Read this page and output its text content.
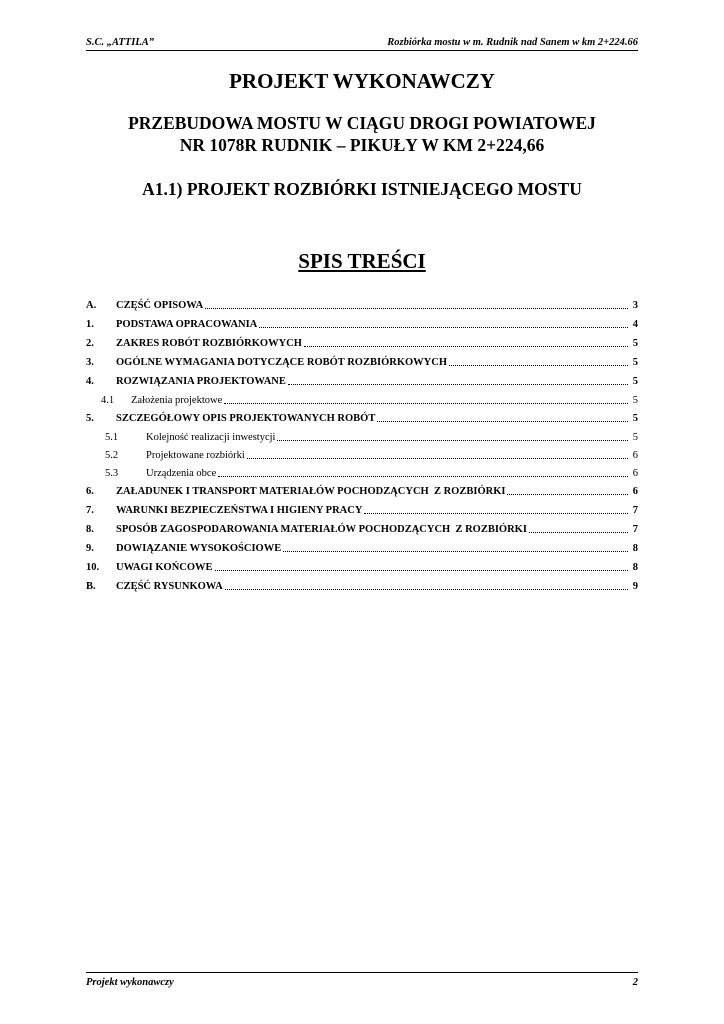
S.C. „ATTILA”	Rozbiórka mostu w m. Rudnik nad Sanem w km 2+224.66
PROJEKT WYKONAWCZY
PRZEBUDOWA MOSTU W CIĄGU DROGI POWIATOWEJ
NR 1078R RUDNIK – PIKUŁY W KM 2+224,66
A1.1) PROJEKT ROZBIÓRKI ISTNIEJĄCEGO MOSTU
SPIS TREŚCI
A.	CZĘŚĆ OPISOWA	3
1.	PODSTAWA OPRACOWANIA	4
2.	ZAKRES ROBÓT ROZBIÓRKOWYCH	5
3.	OGÓLNE WYMAGANIA DOTYCZĄCE ROBÓT ROZBIÓRKOWYCH	5
4.	ROZWIĄZANIA PROJEKTOWANE	5
4.1	Założenia projektowe	5
5.	SZCZEGÓŁOWY OPIS PROJEKTOWANYCH ROBÓT	5
5.1	Kolejność realizacji inwestycji	5
5.2	Projektowane rozbiórki	6
5.3	Urządzenia obce	6
6.	ZAŁADUNEK I TRANSPORT MATERIAŁÓW POCHODZĄCYCH  Z ROZBIÓRKI	6
7.	WARUNKI BEZPIECZEŃSTWA I HIGIENY PRACY	7
8.	SPOSÓB ZAGOSPODAROWANIA MATERIAŁÓW POCHODZĄCYCH  Z ROZBIÓRKI	7
9.	DOWIĄZANIE WYSOKOŚCIOWE	8
10.	UWAGI KOŃCOWE	8
B.	CZĘŚĆ RYSUNKOWA	9
Projekt wykonawczy	2
